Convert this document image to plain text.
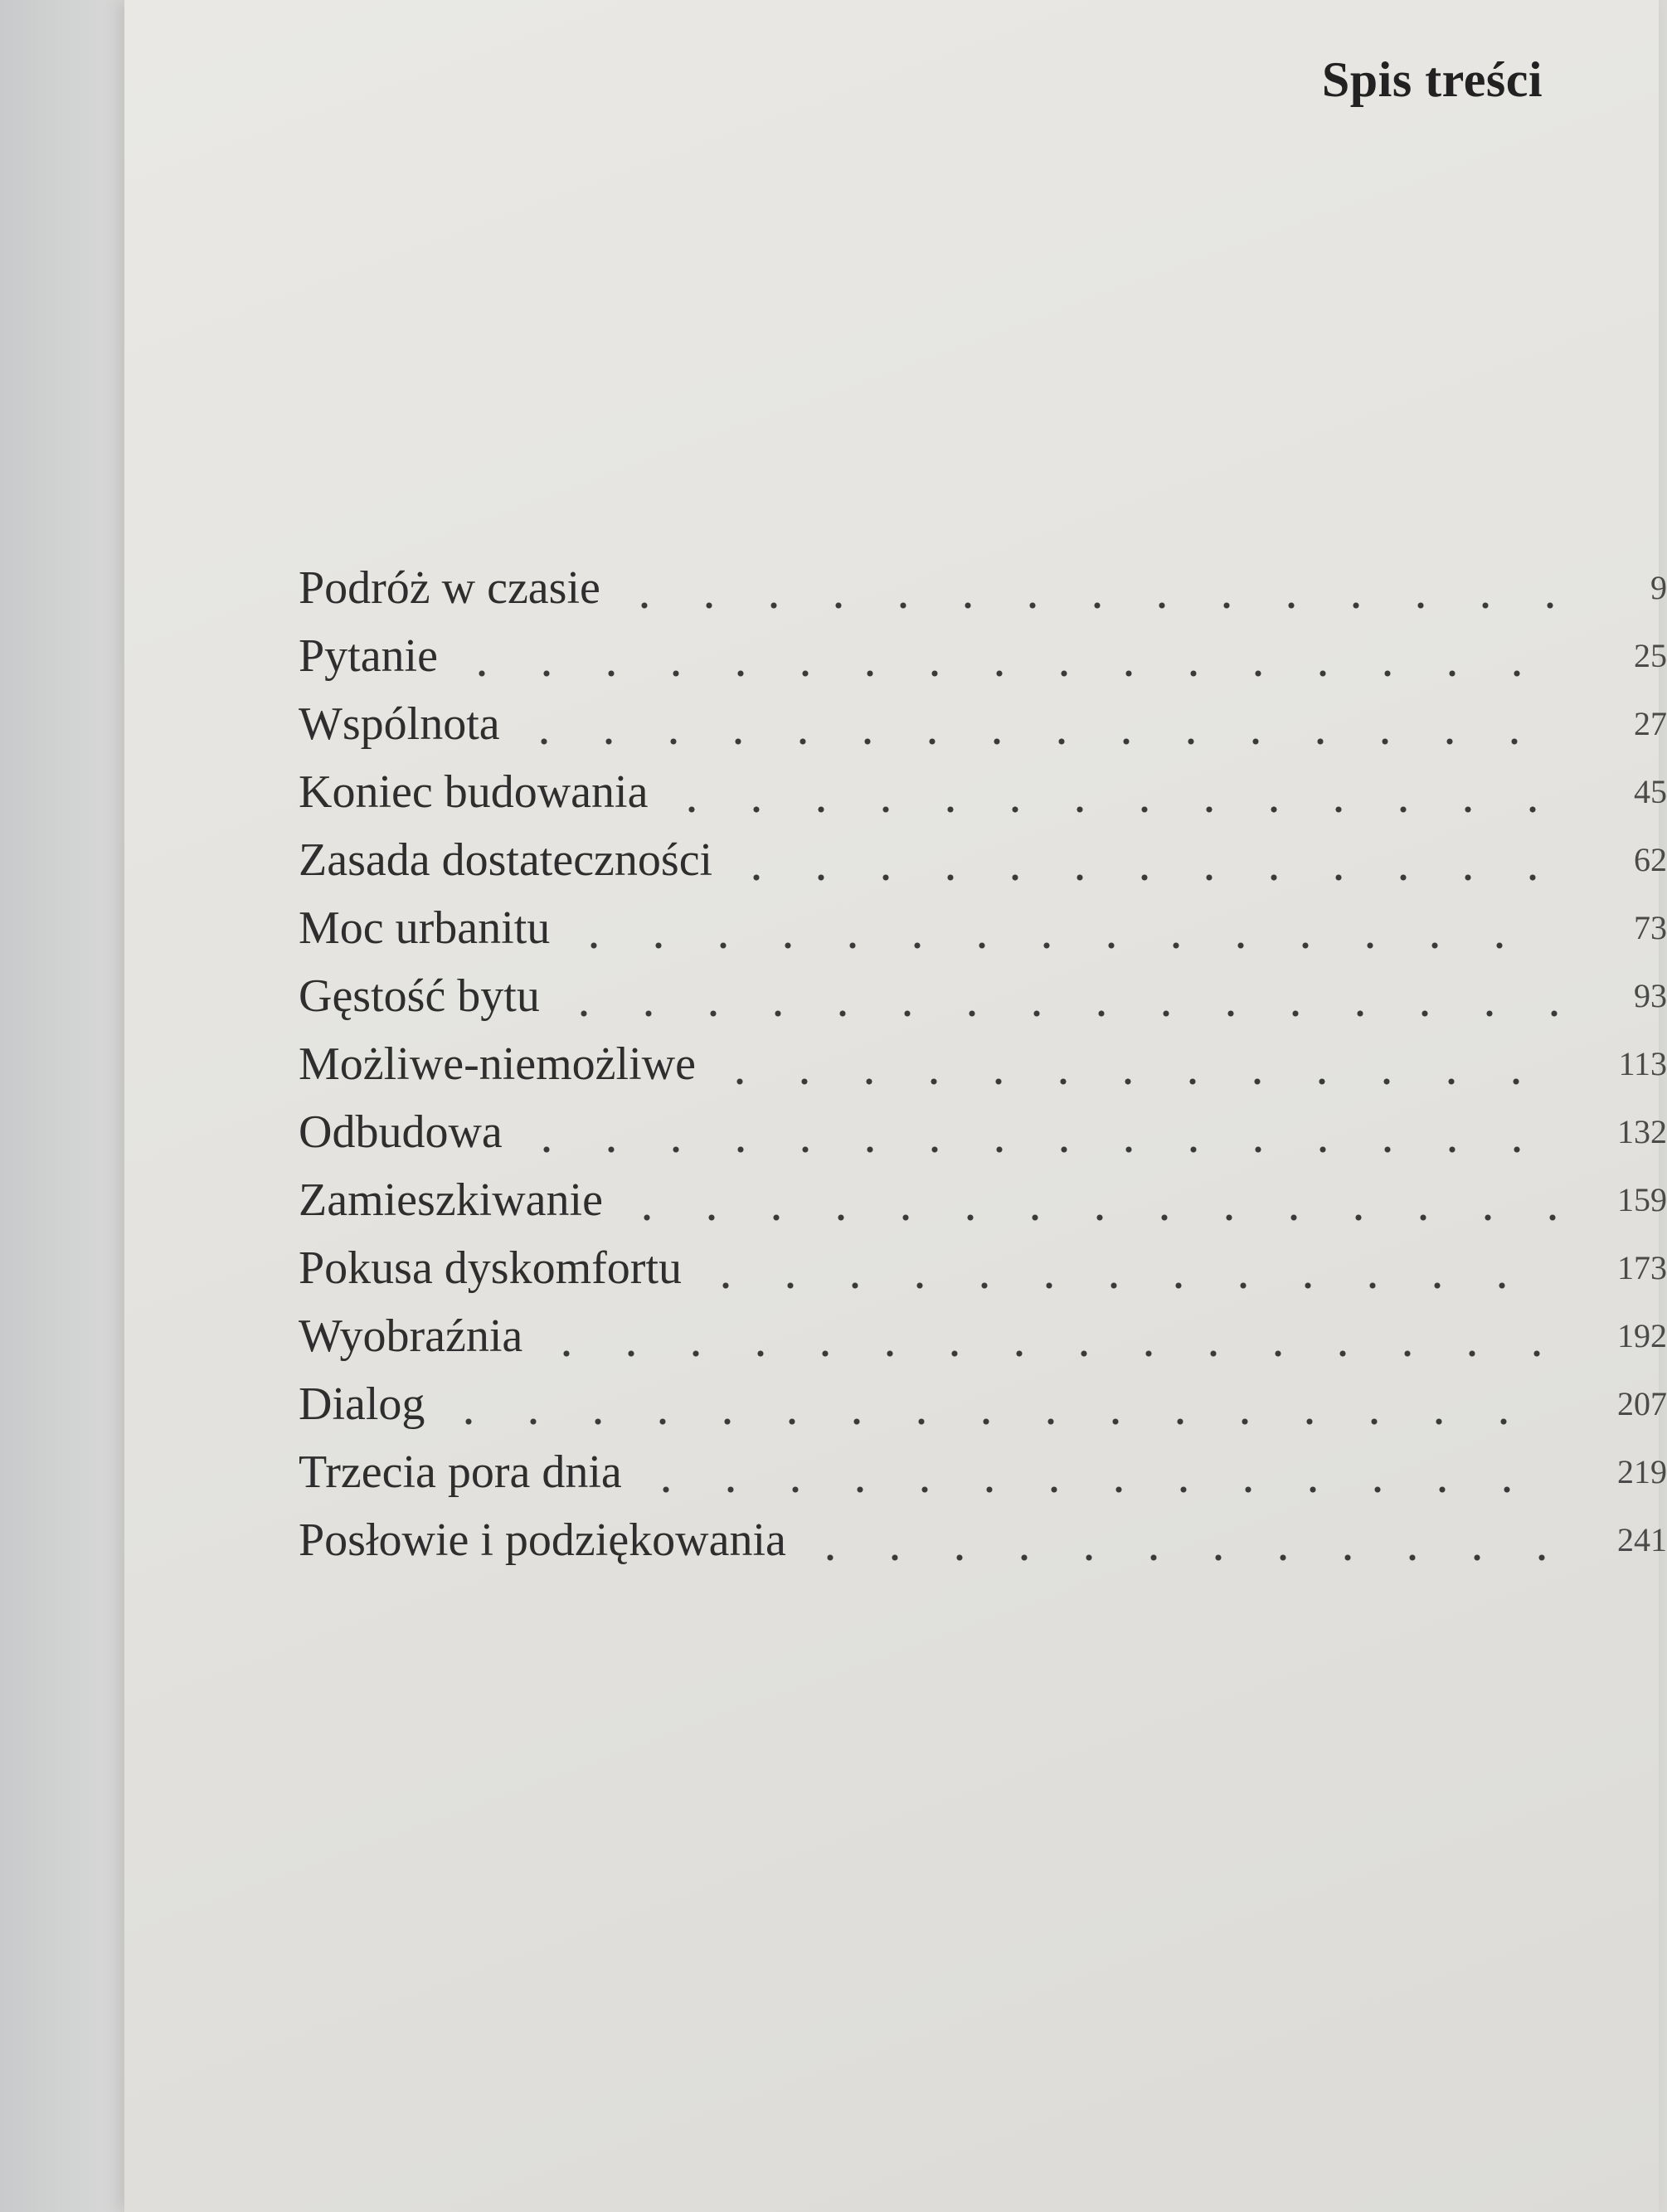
Spis treści
Podróż w czasie	9
Pytanie	25
Wspólnota	27
Koniec budowania	45
Zasada dostateczności	62
Moc urbanitu	73
Gęstość bytu	93
Możliwe-niemożliwe	113
Odbudowa	132
Zamieszkiwanie	159
Pokusa dyskomfortu	173
Wyobraźnia	192
Dialog	207
Trzecia pora dnia	219
Posłowie i podziękowania	241
